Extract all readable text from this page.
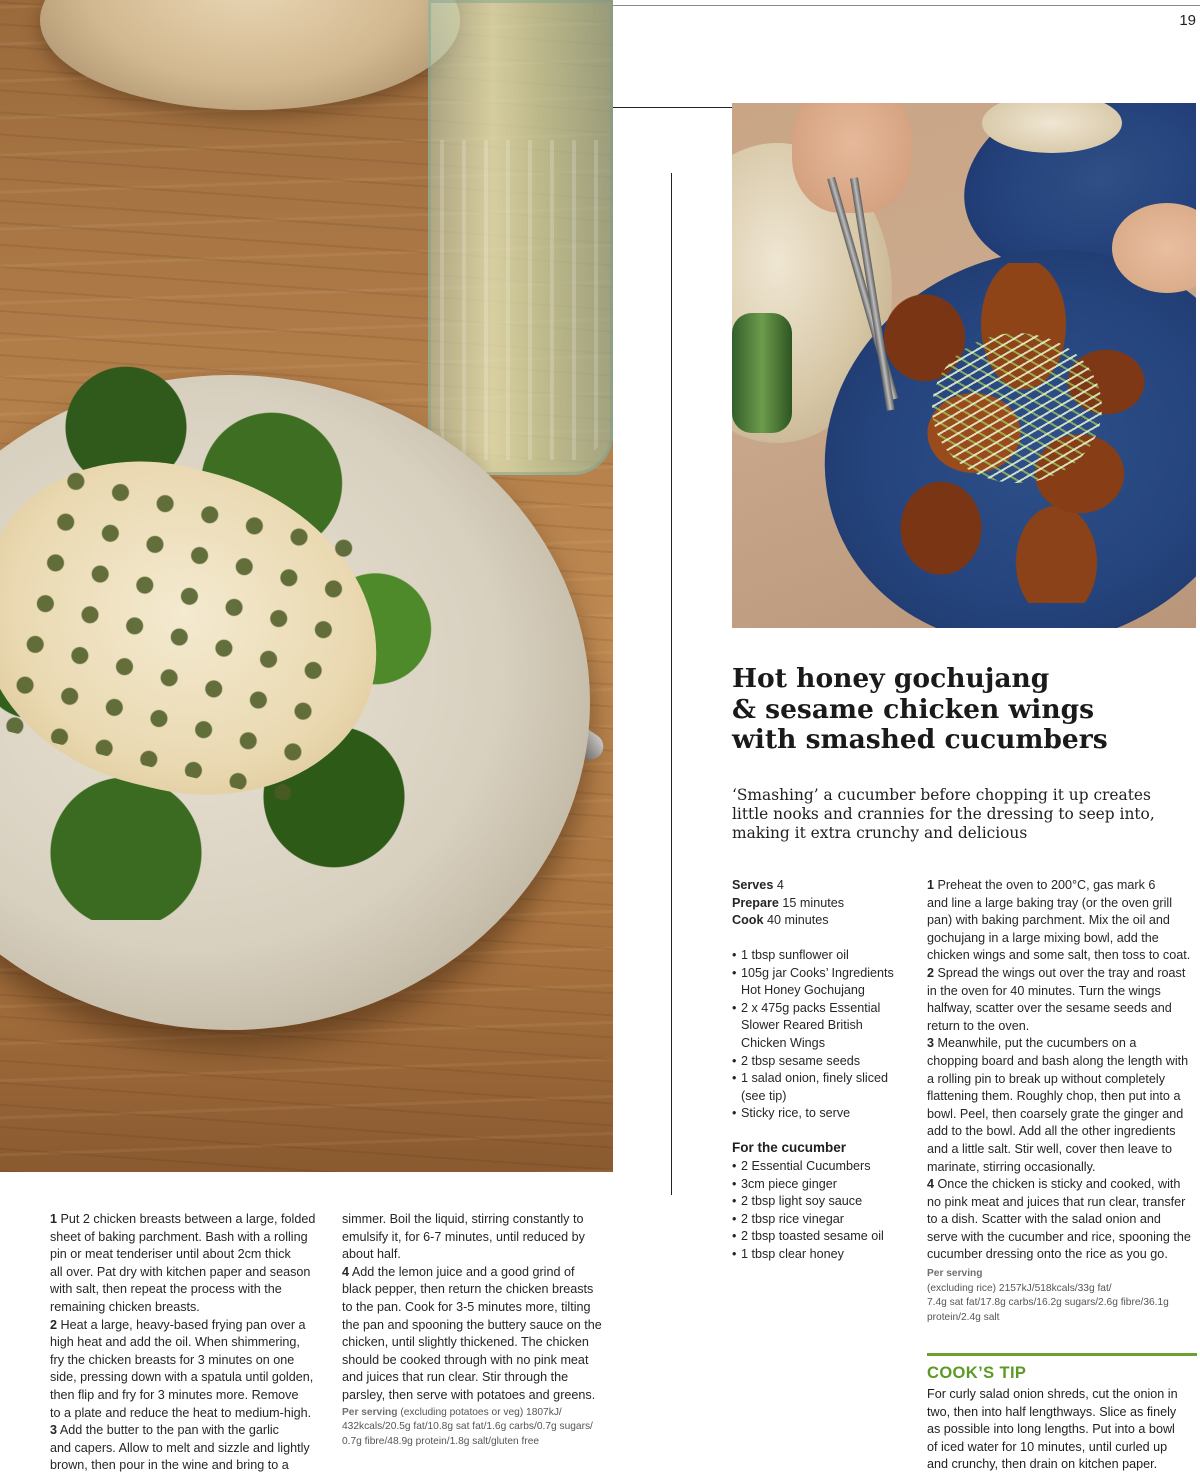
19
Hot honey gochujang
& sesame chicken wings
with smashed cucumbers

‘Smashing’ a cucumber before chopping it up creates
little nooks and crannies for the dressing to seep into,
making it extra crunchy and delicious

Serves 4
Prepare 15 minutes
Cook 40 minutes
• 1 tbsp sunflower oil
• 105g jar Cooks’ Ingredients
Hot Honey Gochujang
• 2 x 475g packs Essential
Slower Reared British
Chicken Wings
• 2 tbsp sesame seeds
• 1 salad onion, finely sliced
(see tip)
• Sticky rice, to serve
For the cucumber
• 2 Essential Cucumbers
• 3cm piece ginger
• 2 tbsp light soy sauce
• 2 tbsp rice vinegar
• 2 tbsp toasted sesame oil
• 1 tbsp clear honey
1 Preheat the oven to 200°C, gas mark 6
and line a large baking tray (or the oven grill
pan) with baking parchment. Mix the oil and
gochujang in a large mixing bowl, add the
chicken wings and some salt, then toss to coat.
2 Spread the wings out over the tray and roast
in the oven for 40 minutes. Turn the wings
halfway, scatter over the sesame seeds and
return to the oven.
3 Meanwhile, put the cucumbers on a
chopping board and bash along the length with
a rolling pin to break up without completely
flattening them. Roughly chop, then put into a
bowl. Peel, then coarsely grate the ginger and
add to the bowl. Add all the other ingredients
and a little salt. Stir well, cover then leave to
marinate, stirring occasionally.
4 Once the chicken is sticky and cooked, with
no pink meat and juices that run clear, transfer
to a dish. Scatter with the salad onion and
serve with the cucumber and rice, spooning the
cucumber dressing onto the rice as you go.
Per serving
(excluding rice) 2157kJ/518kcals/33g fat/
7.4g sat fat/17.8g carbs/16.2g sugars/2.6g fibre/36.1g
protein/2.4g salt
COOK’S TIP
For curly salad onion shreds, cut the onion in
two, then into half lengthways. Slice as finely
as possible into long lengths. Put into a bowl
of iced water for 10 minutes, until curled up
and crunchy, then drain on kitchen paper.
1 Put 2 chicken breasts between a large, folded
sheet of baking parchment. Bash with a rolling
pin or meat tenderiser until about 2cm thick
all over. Pat dry with kitchen paper and season
with salt, then repeat the process with the
remaining chicken breasts.
2 Heat a large, heavy-based frying pan over a
high heat and add the oil. When shimmering,
fry the chicken breasts for 3 minutes on one
side, pressing down with a spatula until golden,
then flip and fry for 3 minutes more. Remove
to a plate and reduce the heat to medium-high.
3 Add the butter to the pan with the garlic
and capers. Allow to melt and sizzle and lightly
brown, then pour in the wine and bring to a
simmer. Boil the liquid, stirring constantly to
emulsify it, for 6-7 minutes, until reduced by
about half.
4 Add the lemon juice and a good grind of
black pepper, then return the chicken breasts
to the pan. Cook for 3-5 minutes more, tilting
the pan and spooning the buttery sauce on the
chicken, until slightly thickened. The chicken
should be cooked through with no pink meat
and juices that run clear. Stir through the
parsley, then serve with potatoes and greens.
Per serving (excluding potatoes or veg) 1807kJ/
432kcals/20.5g fat/10.8g sat fat/1.6g carbs/0.7g sugars/
0.7g fibre/48.9g protein/1.8g salt/gluten free
